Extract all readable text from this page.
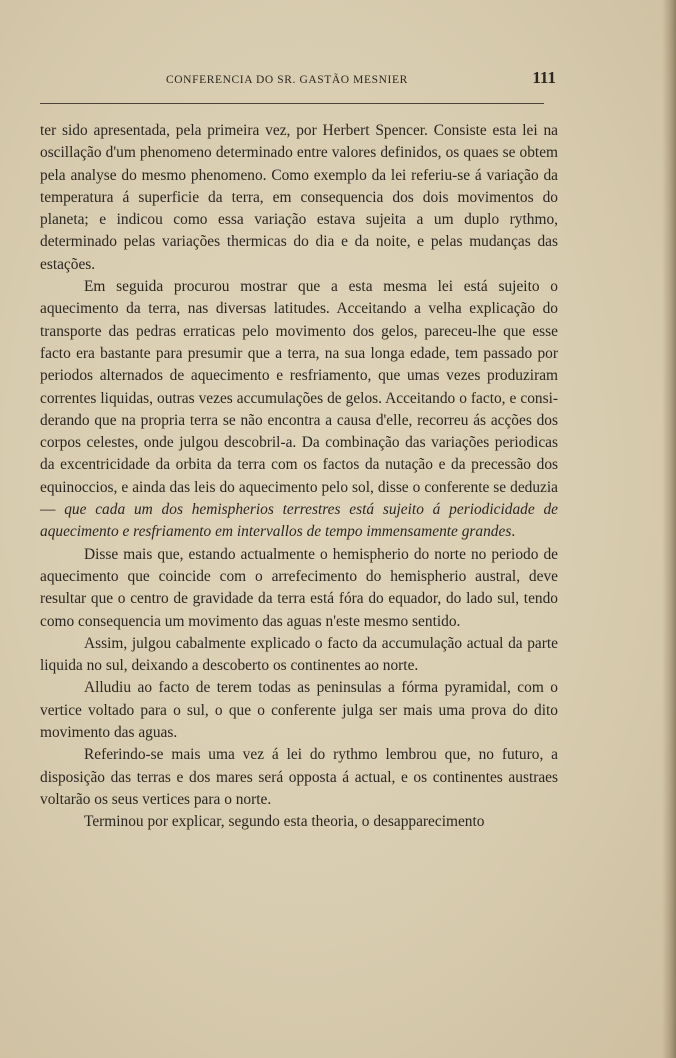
CONFERENCIA DO SR. GASTÃO MESNIER	111

ter sido apresentada, pela primeira vez, por Herbert Spencer. Consiste esta lei na oscillação d'um phenomeno determinado entre valores definidos, os quaes se obtem pela analyse do mesmo phenomeno. Como exemplo da lei referiu-se á variação da temperatura á superficie da terra, em consequencia dos dois movimentos do planeta; e indicou como essa variação estava sujeita a um duplo rythmo, determinado pelas variações thermicas do dia e da noite, e pelas mudanças das estações.

Em seguida procurou mostrar que a esta mesma lei está sujeito o aquecimento da terra, nas diversas latitudes. Acceitando a velha explicação do transporte das pedras erraticas pelo movimento dos gelos, pareceu-lhe que esse facto era bastante para presumir que a terra, na sua longa edade, tem passado por periodos alternados de aquecimento e resfriamento, que umas vezes produziram correntes liquidas, outras vezes accumulações de gelos. Acceitando o facto, e considerando que na propria terra se não encontra a causa d'elle, recorreu ás acções dos corpos celestes, onde julgou descobril-a. Da combinação das variações periodicas da excentricidade da orbita da terra com os factos da nutação e da precessão dos equinoccios, e ainda das leis do aquecimento pelo sol, disse o conferente se deduzia — que cada um dos hemispherios terrestres está sujeito á periodicidade de aquecimento e resfriamento em intervallos de tempo immensamente grandes.

Disse mais que, estando actualmente o hemispherio do norte no periodo de aquecimento que coincide com o arrefecimento do hemispherio austral, deve resultar que o centro de gravidade da terra está fóra do equador, do lado sul, tendo como consequencia um movimento das aguas n'este mesmo sentido.

Assim, julgou cabalmente explicado o facto da accumulação actual da parte liquida no sul, deixando a descoberto os continentes ao norte.

Alludiu ao facto de terem todas as peninsulas a fórma pyramidal, com o vertice voltado para o sul, o que o conferente julga ser mais uma prova do dito movimento das aguas.

Referindo-se mais uma vez á lei do rythmo lembrou que, no futuro, a disposição das terras e dos mares será opposta á actual, e os continentes austraes voltarão os seus vertices para o norte.

Terminou por explicar, segundo esta theoria, o desapparecimento
